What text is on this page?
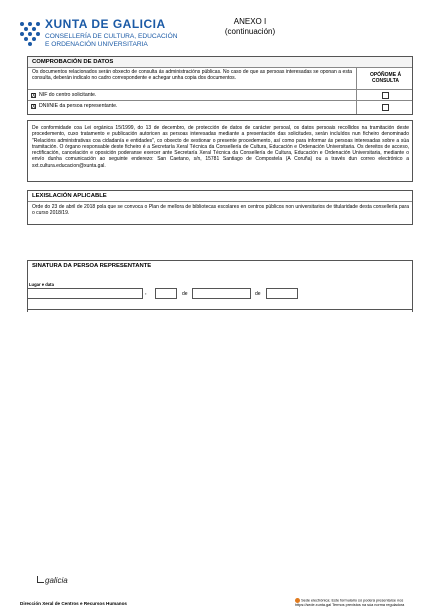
XUNTA DE GALICIA
CONSELLERÍA DE CULTURA, EDUCACIÓN
E ORDENACIÓN UNIVERSITARIA
ANEXO I
(continuación)
COMPROBACIÓN DE DATOS
Os documentos relacionados serán obxecto de consulta ás administracións públicas. No caso de que as persoas interesadas se oponan a esta consulta, deberán indicalo no cadro correspondente e achegar unha copia dos documentos.
OPÓÑOME Á CONSULTA
X NIF do centro solicitante.
X DNI/NIE da persoa representante.
De conformidade coa Lei orgánica 15/1999, do 13 de decembro, de protección de datos de carácter persoal, os datos persoais recollidos na tramitación deste procedemento, cuxo tratamento e publicación autoricen as persoas interesadas mediante a presentación das solicitudes, serán incluídos nun ficheiro denominado "Relacións administrativas coa cidadanía e entidades", co obxecto de xestionar o presente procedemento, así como para informar ás persoas interesadas sobre a súa tramitación. O órgano responsable deste ficheiro é a Secretaría Xeral Técnica da Consellería de Cultura, Educación e Ordenación Universitaria. Os dereitos de acceso, rectificación, cancelación e oposición poderanse exercer ante Secretaría Xeral Técnica da Consellería de Cultura, Educación e Ordenación Universitaria, mediante o envío dunha comunicación ao seguinte enderezo: San Caetano, s/n, 15781 Santiago de Compostela (A Coruña) ou a través dun correo electrónico a sxt.cultura.educacion@xunta.gal.
LEXISLACIÓN APLICABLE
Orde do 23 de abril de 2018 pola que se convoca o Plan de mellora de bibliotecas escolares en centros públicos non universitarios de titularidade desta consellería para o curso 2018/19.
SINATURA DA PERSOA REPRESENTANTE
Lugar e data
,	de	de
galicia
Dirección Xeral de Centros e Recursos Humanos
Sede electrónica: Este formulario só poderá presentarse nos
https://sede.xunta.gal Termos previstos na súa norma reguladora
